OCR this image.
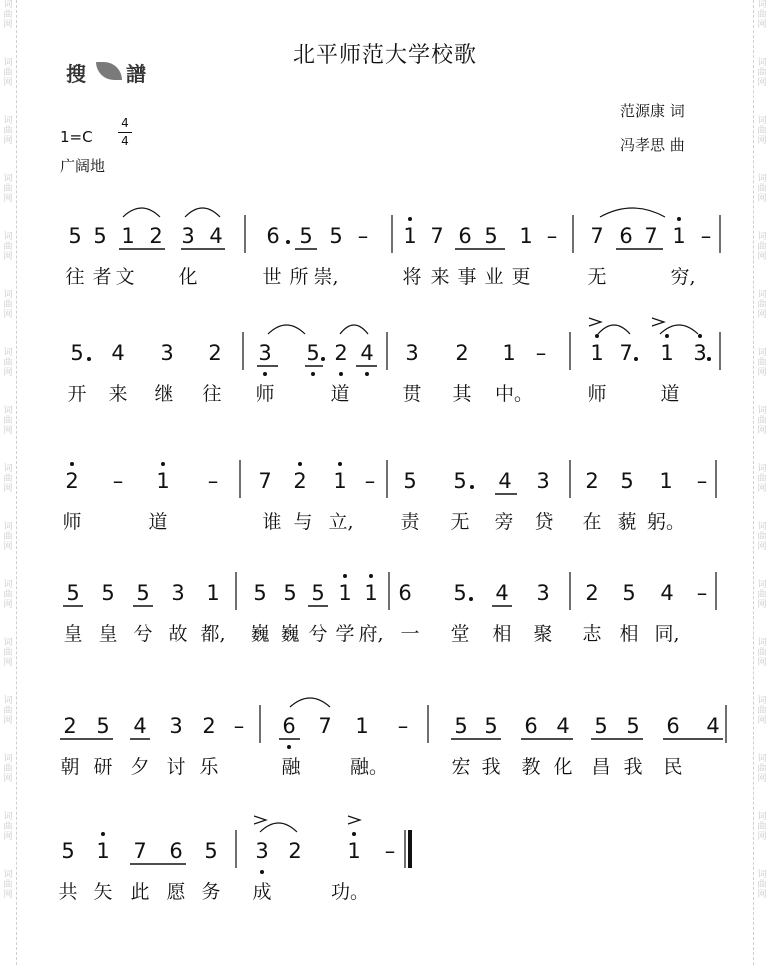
词
曲
网
词
曲
网
词
曲
网
词
曲
网
词
曲
网
词
曲
网
词
曲
网
词
曲
网
词
曲
网
词
曲
网
词
曲
网
词
曲
网
词
曲
网
词
曲
网
词
曲
网
词
曲
网
词
曲
网
词
曲
网
词
曲
网
词
曲
网
词
曲
网
词
曲
网
词
曲
网
词
曲
网
词
曲
网
词
曲
网
词
曲
网
词
曲
网
词
曲
网
词
曲
网
词
曲
网
词
曲
网
搜 譜
北平师范大学校歌
范源康 词
冯孝思 曲
1=C
4
4
广阔地
5 5 1 2 3 4 6 5 5 – 1 7 6 5 1 – 7 6 7 1 –
往 者 文 化	世 所 崇,	将 来 事 业 更	无	穷,
5 4 3 2 3 5 2 4 3 2 1 – 1 7 1 3
开 来 继 往 师	道	贯 其 中。	师	道
2 – 1 – 7 2 1 – 5 5 4 3 2 5 1 –
师	道	谁 与 立, 责 无 旁 贷 在 藐 躬。
5 5 5 3 1 5 5 5 1 1 6 5 4 3 2 5 4 –
皇 皇 兮 故 都, 巍 巍 兮 学 府, 一 堂 相 聚 志 相 同,
2 5 4 3 2 – 6 7 1 – 5 5 6 4 5 5 6 4
朝 研 夕 讨 乐	融	融。	宏 我 教 化 昌 我 民
5 1 7 6 5 3 2 1 –
共 矢 此 愿 务 成	功。
